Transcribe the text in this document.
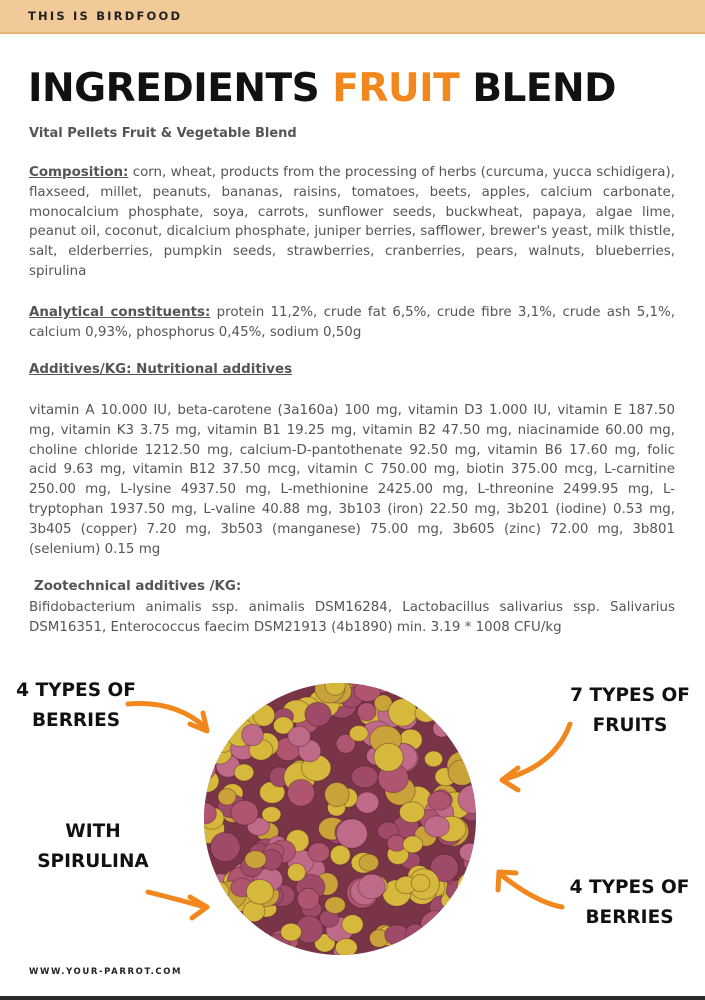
THIS IS BIRDFOOD
INGREDIENTS FRUIT BLEND
Vital Pellets Fruit & Vegetable Blend

Composition: corn, wheat, products from the processing of herbs (curcuma, yucca schidigera), flaxseed, millet, peanuts, bananas, raisins, tomatoes, beets, apples, calcium carbonate, monocalcium phosphate, soya, carrots, sunflower seeds, buckwheat, papaya, algae lime, peanut oil, coconut, dicalcium phosphate, juniper berries, safflower, brewer's yeast, milk thistle, salt, elderberries, pumpkin seeds, strawberries, cranberries, pears, walnuts, blueberries, spirulina

Analytical constituents: protein 11,2%, crude fat 6,5%, crude fibre 3,1%, crude ash 5,1%, calcium 0,93%, phosphorus 0,45%, sodium 0,50g

Additives/KG: Nutritional additives

vitamin A 10.000 IU, beta-carotene (3a160a) 100 mg, vitamin D3 1.000 IU, vitamin E 187.50 mg, vitamin K3 3.75 mg, vitamin B1 19.25 mg, vitamin B2 47.50 mg, niacinamide 60.00 mg, choline chloride 1212.50 mg, calcium-D-pantothenate 92.50 mg, vitamin B6 17.60 mg, folic acid 9.63 mg, vitamin B12 37.50 mcg, vitamin C 750.00 mg, biotin 375.00 mcg, L-carnitine 250.00 mg, L-lysine 4937.50 mg, L-methionine 2425.00 mg, L-threonine 2499.95 mg, L-tryptophan 1937.50 mg, L-valine 40.88 mg, 3b103 (iron) 22.50 mg, 3b201 (iodine) 0.53 mg, 3b405 (copper) 7.20 mg, 3b503 (manganese) 75.00 mg, 3b605 (zinc) 72.00 mg, 3b801 (selenium) 0.15 mg

Zootechnical additives /KG:

Bifidobacterium animalis ssp. animalis DSM16284, Lactobacillus salivarius ssp. Salivarius DSM16351, Enterococcus faecim DSM21913 (4b1890) min. 3.19 * 1008 CFU/kg

4 TYPES OF
BERRIES
7 TYPES OF
FRUITS
WITH
SPIRULINA
4 TYPES OF
BERRIES
WWW.YOUR-PARROT.COM
